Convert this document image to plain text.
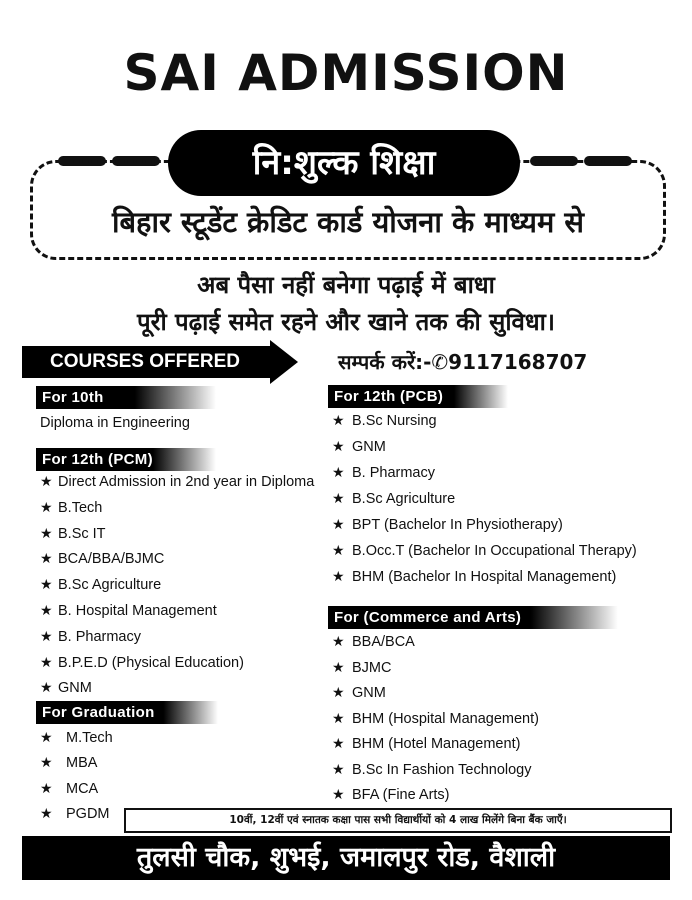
SAI ADMISSION
नि:शुल्क शिक्षा
बिहार स्टूडेंट क्रेडिट कार्ड योजना के माध्यम से
अब पैसा नहीं बनेगा पढ़ाई में बाधा
पूरी पढ़ाई समेत रहने और खाने तक की सुविधा।
COURSES OFFERED	सम्पर्क करें:-✆9117168707
For 10th
Diploma in Engineering
For 12th (PCM)
★ Direct Admission in 2nd year in Diploma
★ B.Tech
★ B.Sc IT
★ BCA/BBA/BJMC
★ B.Sc Agriculture
★ B. Hospital Management
★ B. Pharmacy
★ B.P.E.D (Physical Education)
★ GNM
For Graduation
★ M.Tech
★ MBA
★ MCA
★ PGDM
For 12th (PCB)
★ B.Sc Nursing
★ GNM
★ B. Pharmacy
★ B.Sc Agriculture
★ BPT (Bachelor In Physiotherapy)
★ B.Occ.T (Bachelor In Occupational Therapy)
★ BHM (Bachelor In Hospital Management)
For (Commerce and Arts)
★ BBA/BCA
★ BJMC
★ GNM
★ BHM (Hospital Management)
★ BHM (Hotel Management)
★ B.Sc In Fashion Technology
★ BFA (Fine Arts)
10वीं, 12वीं एवं स्नातक कक्षा पास सभी विद्यार्थीयों को 4 लाख मिलेंगे बिना बैंक जाएँ।
तुलसी चौक, शुभई, जमालपुर रोड, वैशाली
